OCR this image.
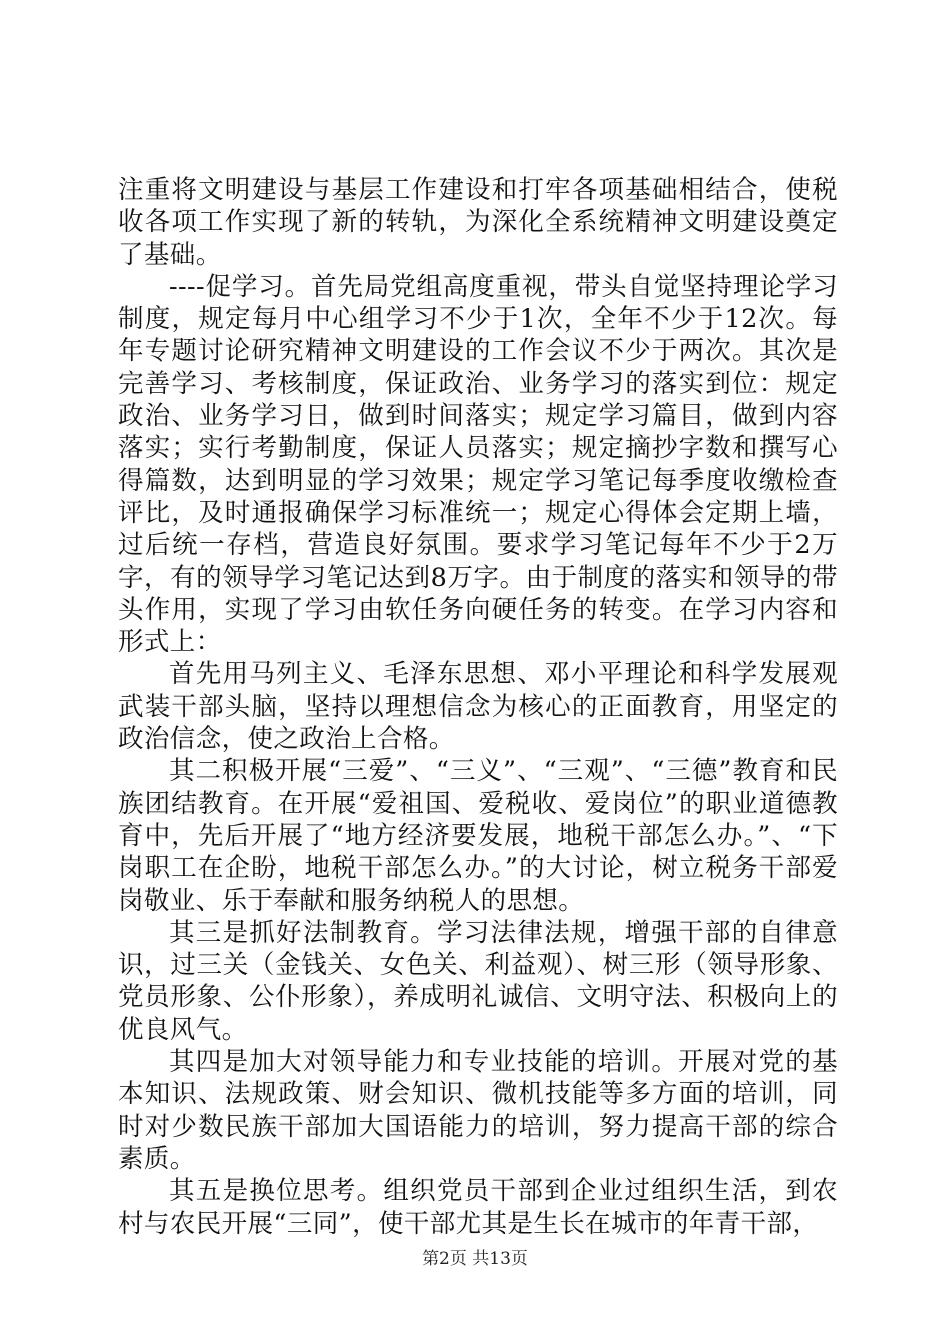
注重将文明建设与基层工作建设和打牢各项基础相结合，使税收各项工作实现了新的转轨，为深化全系统精神文明建设奠定了基础。

----促学习。首先局党组高度重视，带头自觉坚持理论学习制度，规定每月中心组学习不少于1次，全年不少于12次。每年专题讨论研究精神文明建设的工作会议不少于两次。其次是完善学习、考核制度，保证政治、业务学习的落实到位：规定政治、业务学习日，做到时间落实；规定学习篇目，做到内容落实；实行考勤制度，保证人员落实；规定摘抄字数和撰写心得篇数，达到明显的学习效果；规定学习笔记每季度收缴检查评比，及时通报确保学习标准统一；规定心得体会定期上墙，过后统一存档，营造良好氛围。要求学习笔记每年不少于2万字，有的领导学习笔记达到8万字。由于制度的落实和领导的带头作用，实现了学习由软任务向硬任务的转变。在学习内容和形式上：

首先用马列主义、毛泽东思想、邓小平理论和科学发展观武装干部头脑，坚持以理想信念为核心的正面教育，用坚定的政治信念，使之政治上合格。

其二积极开展“三爱”、“三义”、“三观”、“三德”教育和民族团结教育。在开展“爱祖国、爱税收、爱岗位”的职业道德教育中，先后开展了“地方经济要发展，地税干部怎么办。”、“下岗职工在企盼，地税干部怎么办。”的大讨论，树立税务干部爱岗敬业、乐于奉献和服务纳税人的思想。

其三是抓好法制教育。学习法律法规，增强干部的自律意识，过三关（金钱关、女色关、利益观）、树三形（领导形象、党员形象、公仆形象），养成明礼诚信、文明守法、积极向上的优良风气。

其四是加大对领导能力和专业技能的培训。开展对党的基本知识、法规政策、财会知识、微机技能等多方面的培训，同时对少数民族干部加大国语能力的培训，努力提高干部的综合素质。

其五是换位思考。组织党员干部到企业过组织生活，到农村与农民开展“三同”，使干部尤其是生长在城市的年青干部，

第2页 共13页
